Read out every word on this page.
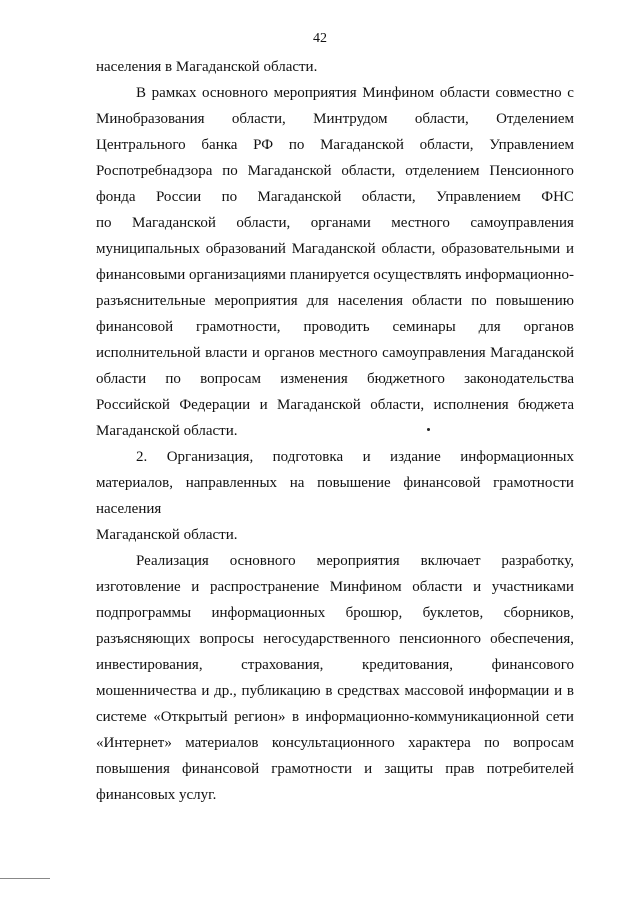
42

населения в Магаданской области.

В рамках основного мероприятия Минфином области совместно с
Минобразования области, Минтрудом области, Отделением
Центрального банка РФ по Магаданской области, Управлением
Роспотребнадзора по Магаданской области, отделением Пенсионного
фонда России по Магаданской области, Управлением ФНС
по Магаданской области, органами местного самоуправления
муниципальных образований Магаданской области, образовательными и
финансовыми организациями планируется осуществлять информационно-
разъяснительные мероприятия для населения области по повышению
финансовой грамотности, проводить семинары для органов
исполнительной власти и органов местного самоуправления Магаданской
области по вопросам изменения бюджетного законодательства
Российской Федерации и Магаданской области, исполнения бюджета
Магаданской области.

2. Организация, подготовка и издание информационных
материалов, направленных на повышение финансовой грамотности
населения
Магаданской области.

Реализация основного мероприятия включает разработку,
изготовление и распространение Минфином области и участниками
подпрограммы информационных брошюр, буклетов, сборников,
разъясняющих вопросы негосударственного пенсионного обеспечения,
инвестирования,	страхования,	кредитования,	финансового
мошенничества и др., публикацию в средствах массовой информации и в
системе «Открытый регион» в информационно-коммуникационной сети
«Интернет» материалов консультационного характера по вопросам
повышения финансовой грамотности и защиты прав потребителей
финансовых услуг.
